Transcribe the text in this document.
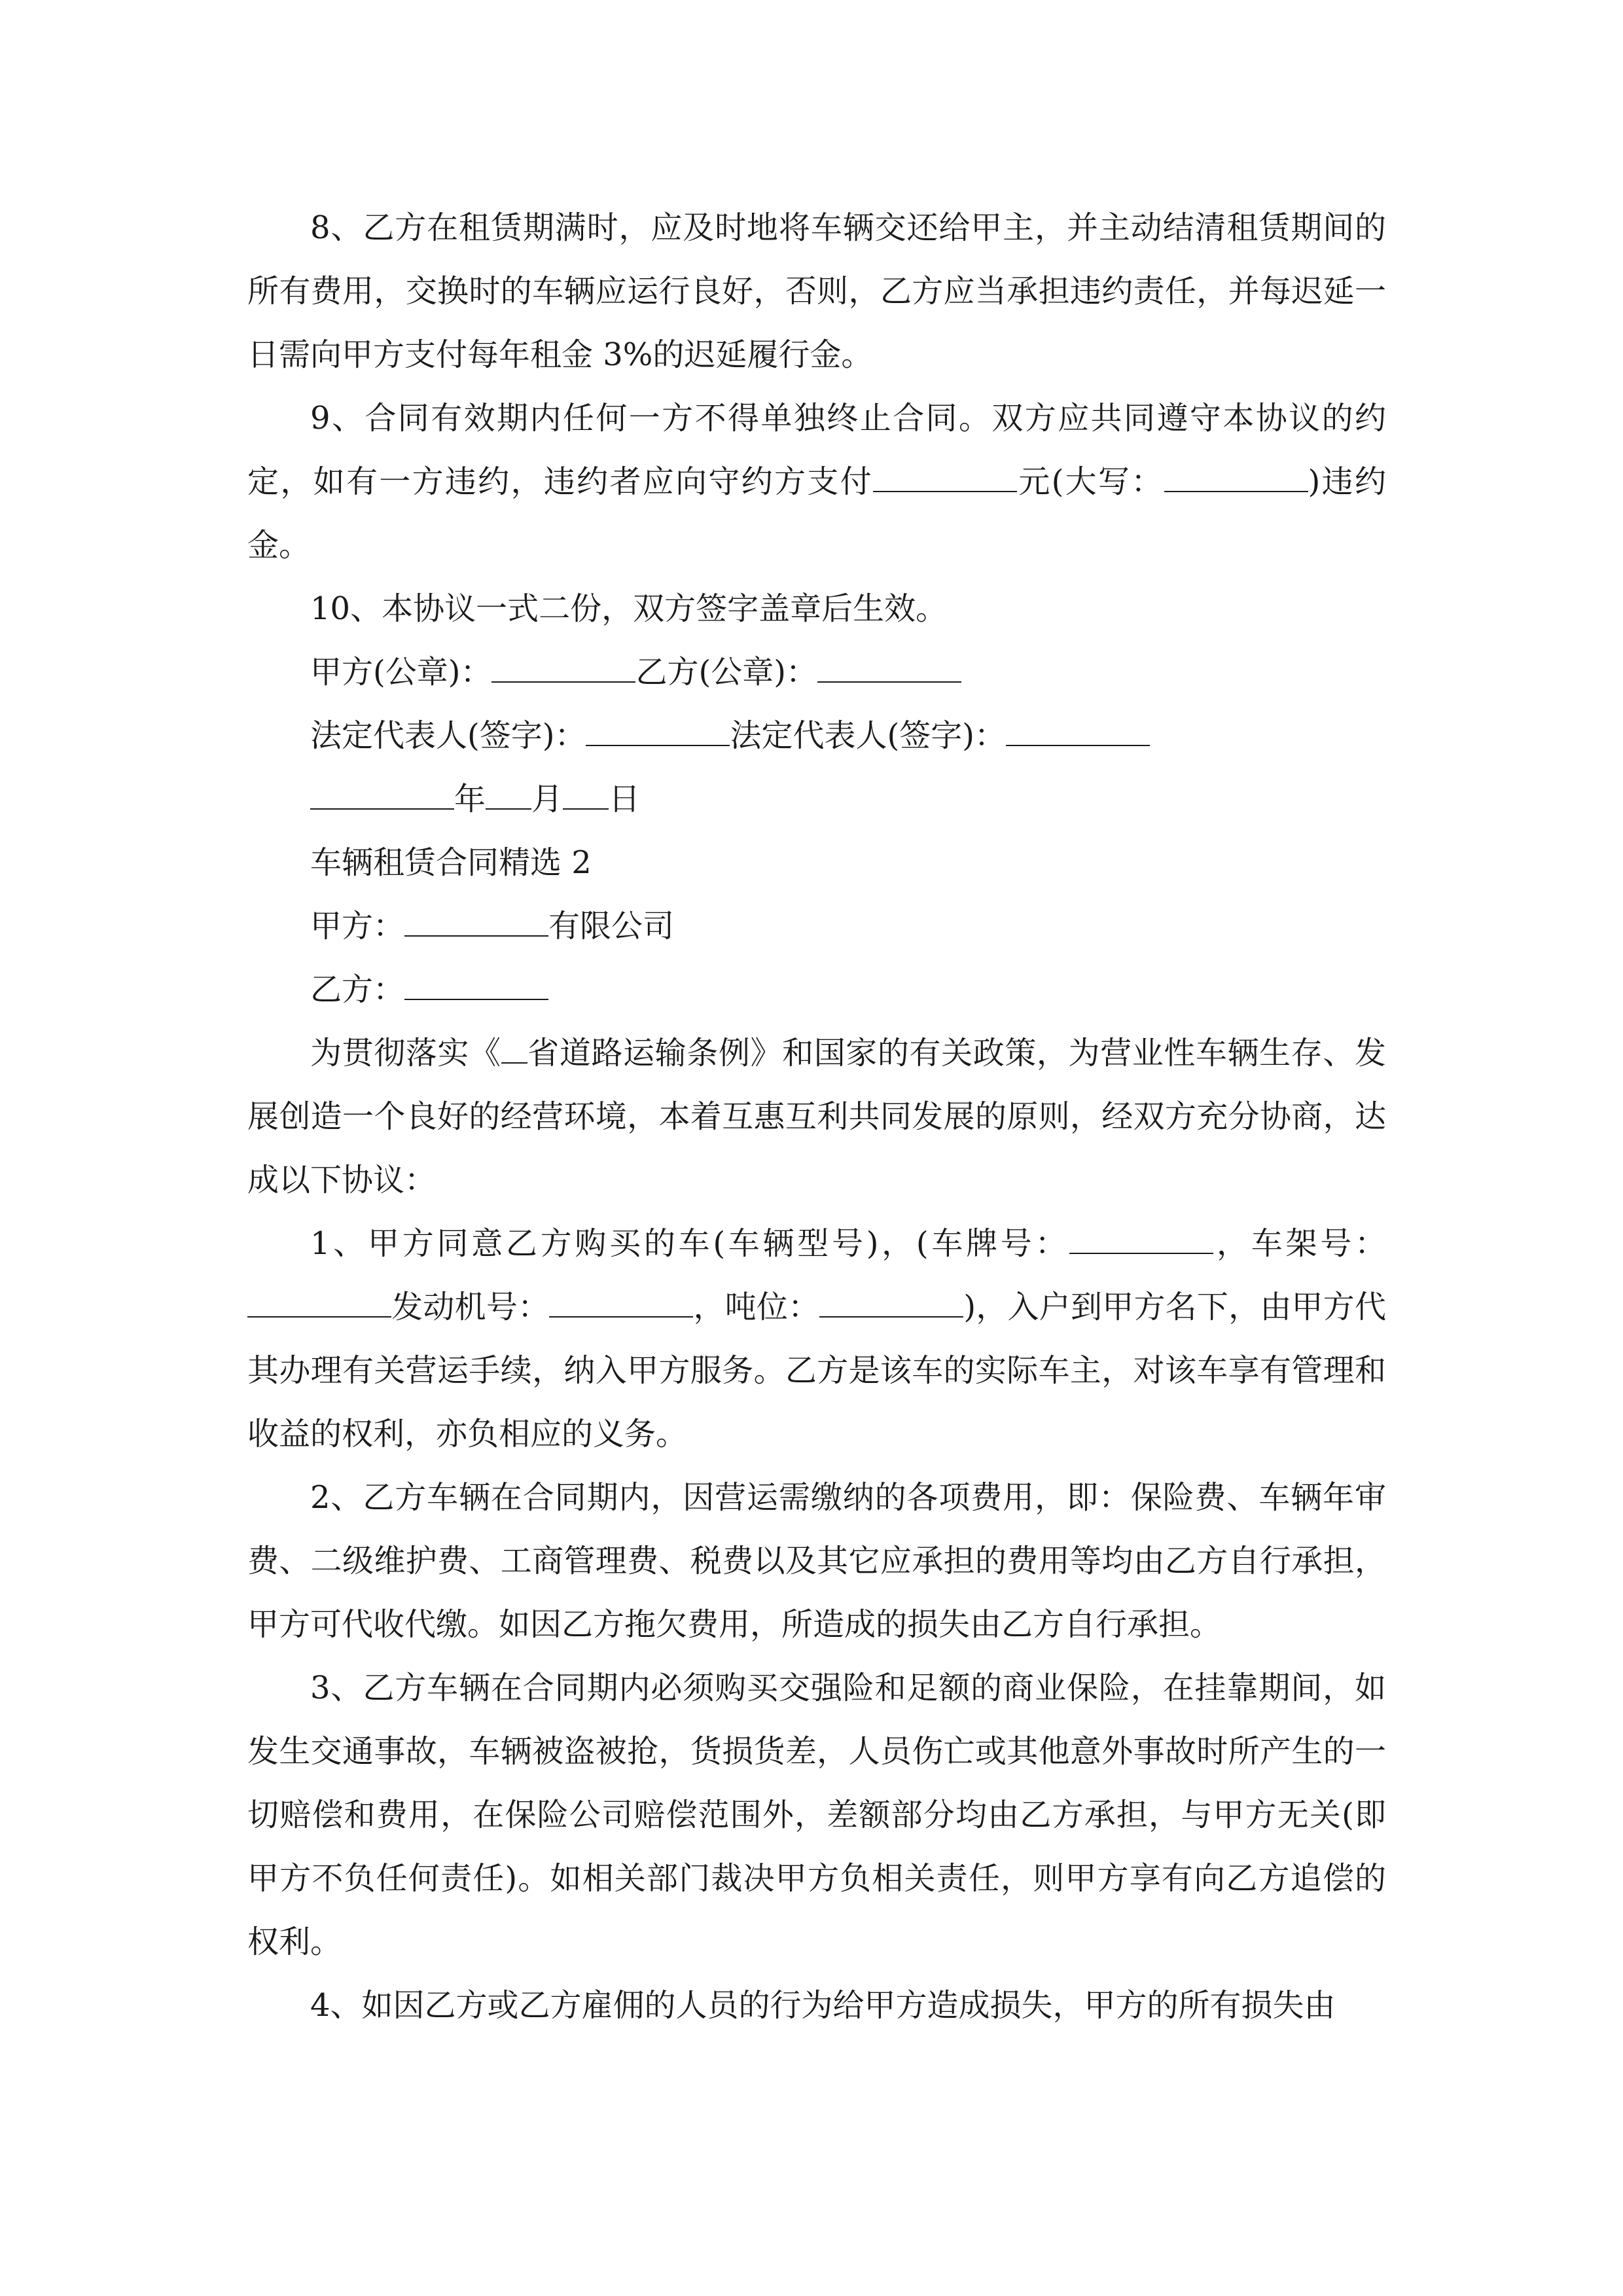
8、乙方在租赁期满时，应及时地将车辆交还给甲主，并主动结清租赁期间的所有费用，交换时的车辆应运行良好，否则，乙方应当承担违约责任，并每迟延一日需向甲方支付每年租金 3%的迟延履行金。

9、合同有效期内任何一方不得单独终止合同。双方应共同遵守本协议的约定，如有一方违约，违约者应向守约方支付	元(大写：	)违约金。

10、本协议一式二份，双方签字盖章后生效。

甲方(公章)：	乙方(公章)：

法定代表人(签字)：	法定代表人(签字)：

年 月 日

车辆租赁合同精选 2

甲方：	有限公司

乙方：

为贯彻落实《 省道路运输条例》和国家的有关政策，为营业性车辆生存、发展创造一个良好的经营环境，本着互惠互利共同发展的原则，经双方充分协商，达成以下协议：

1、甲方同意乙方购买的车(车辆型号)，(车牌号：	，车架号：发动机号：	，吨位：	)，入户到甲方名下，由甲方代其办理有关营运手续，纳入甲方服务。乙方是该车的实际车主，对该车享有管理和收益的权利，亦负相应的义务。

2、乙方车辆在合同期内，因营运需缴纳的各项费用，即：保险费、车辆年审费、二级维护费、工商管理费、税费以及其它应承担的费用等均由乙方自行承担，甲方可代收代缴。如因乙方拖欠费用，所造成的损失由乙方自行承担。

3、乙方车辆在合同期内必须购买交强险和足额的商业保险，在挂靠期间，如发生交通事故，车辆被盗被抢，货损货差，人员伤亡或其他意外事故时所产生的一切赔偿和费用，在保险公司赔偿范围外，差额部分均由乙方承担，与甲方无关(即甲方不负任何责任)。如相关部门裁决甲方负相关责任，则甲方享有向乙方追偿的权利。

4、如因乙方或乙方雇佣的人员的行为给甲方造成损失，甲方的所有损失由
